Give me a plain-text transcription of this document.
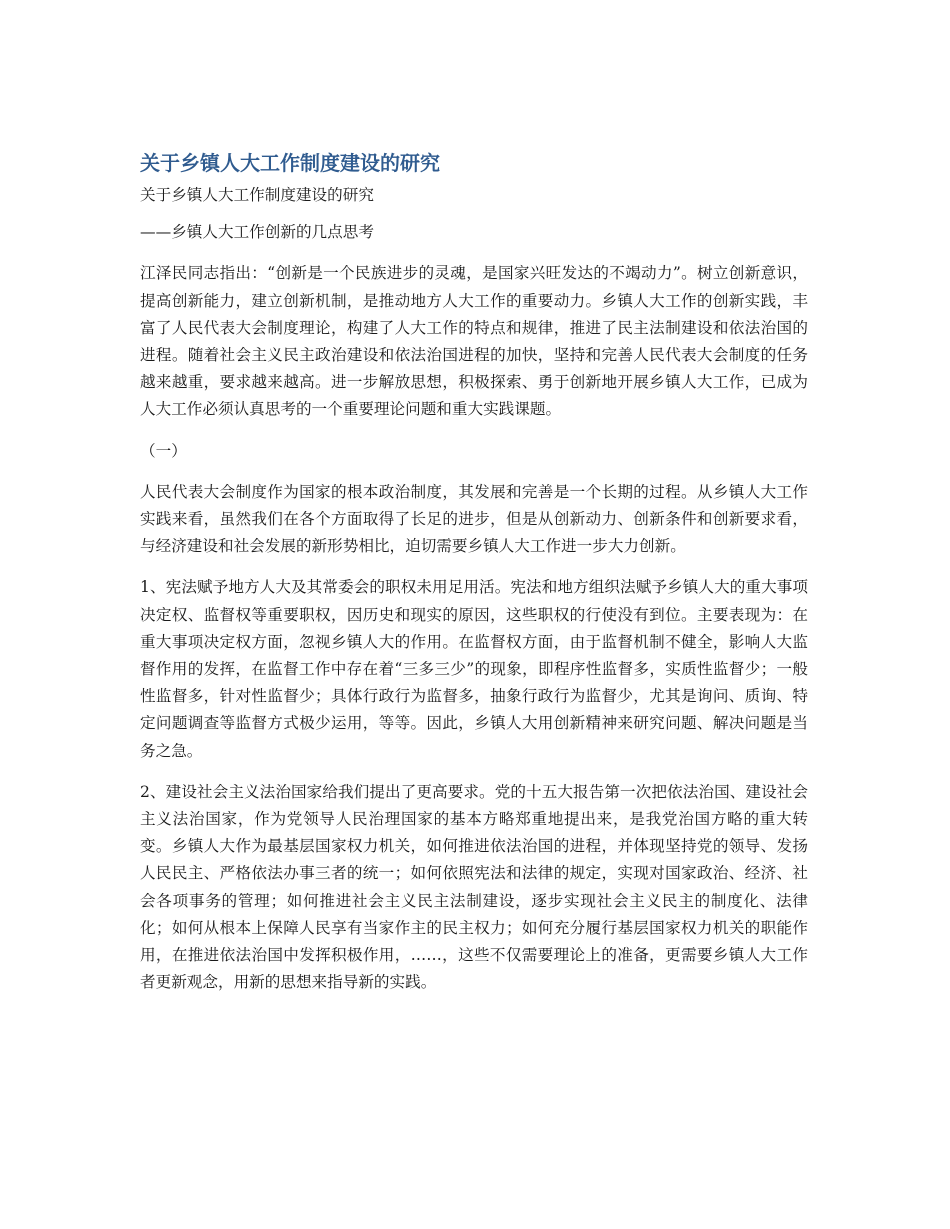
关于乡镇人大工作制度建设的研究

关于乡镇人大工作制度建设的研究

——乡镇人大工作创新的几点思考

江泽民同志指出：“创新是一个民族进步的灵魂，是国家兴旺发达的不竭动力”。树立创新意识，提高创新能力，建立创新机制，是推动地方人大工作的重要动力。乡镇人大工作的创新实践，丰富了人民代表大会制度理论，构建了人大工作的特点和规律，推进了民主法制建设和依法治国的进程。随着社会主义民主政治建设和依法治国进程的加快，坚持和完善人民代表大会制度的任务越来越重，要求越来越高。进一步解放思想，积极探索、勇于创新地开展乡镇人大工作，已成为人大工作必须认真思考的一个重要理论问题和重大实践课题。

（一）

人民代表大会制度作为国家的根本政治制度，其发展和完善是一个长期的过程。从乡镇人大工作实践来看，虽然我们在各个方面取得了长足的进步，但是从创新动力、创新条件和创新要求看，与经济建设和社会发展的新形势相比，迫切需要乡镇人大工作进一步大力创新。

1、宪法赋予地方人大及其常委会的职权未用足用活。宪法和地方组织法赋予乡镇人大的重大事项决定权、监督权等重要职权，因历史和现实的原因，这些职权的行使没有到位。主要表现为：在重大事项决定权方面，忽视乡镇人大的作用。在监督权方面，由于监督机制不健全，影响人大监督作用的发挥，在监督工作中存在着“三多三少”的现象，即程序性监督多，实质性监督少；一般性监督多，针对性监督少；具体行政行为监督多，抽象行政行为监督少，尤其是询问、质询、特定问题调查等监督方式极少运用，等等。因此，乡镇人大用创新精神来研究问题、解决问题是当务之急。

2、建设社会主义法治国家给我们提出了更高要求。党的十五大报告第一次把依法治国、建设社会主义法治国家，作为党领导人民治理国家的基本方略郑重地提出来，是我党治国方略的重大转变。乡镇人大作为最基层国家权力机关，如何推进依法治国的进程，并体现坚持党的领导、发扬人民民主、严格依法办事三者的统一；如何依照宪法和法律的规定，实现对国家政治、经济、社会各项事务的管理；如何推进社会主义民主法制建设，逐步实现社会主义民主的制度化、法律化；如何从根本上保障人民享有当家作主的民主权力；如何充分履行基层国家权力机关的职能作用，在推进依法治国中发挥积极作用，……，这些不仅需要理论上的准备，更需要乡镇人大工作者更新观念，用新的思想来指导新的实践。
